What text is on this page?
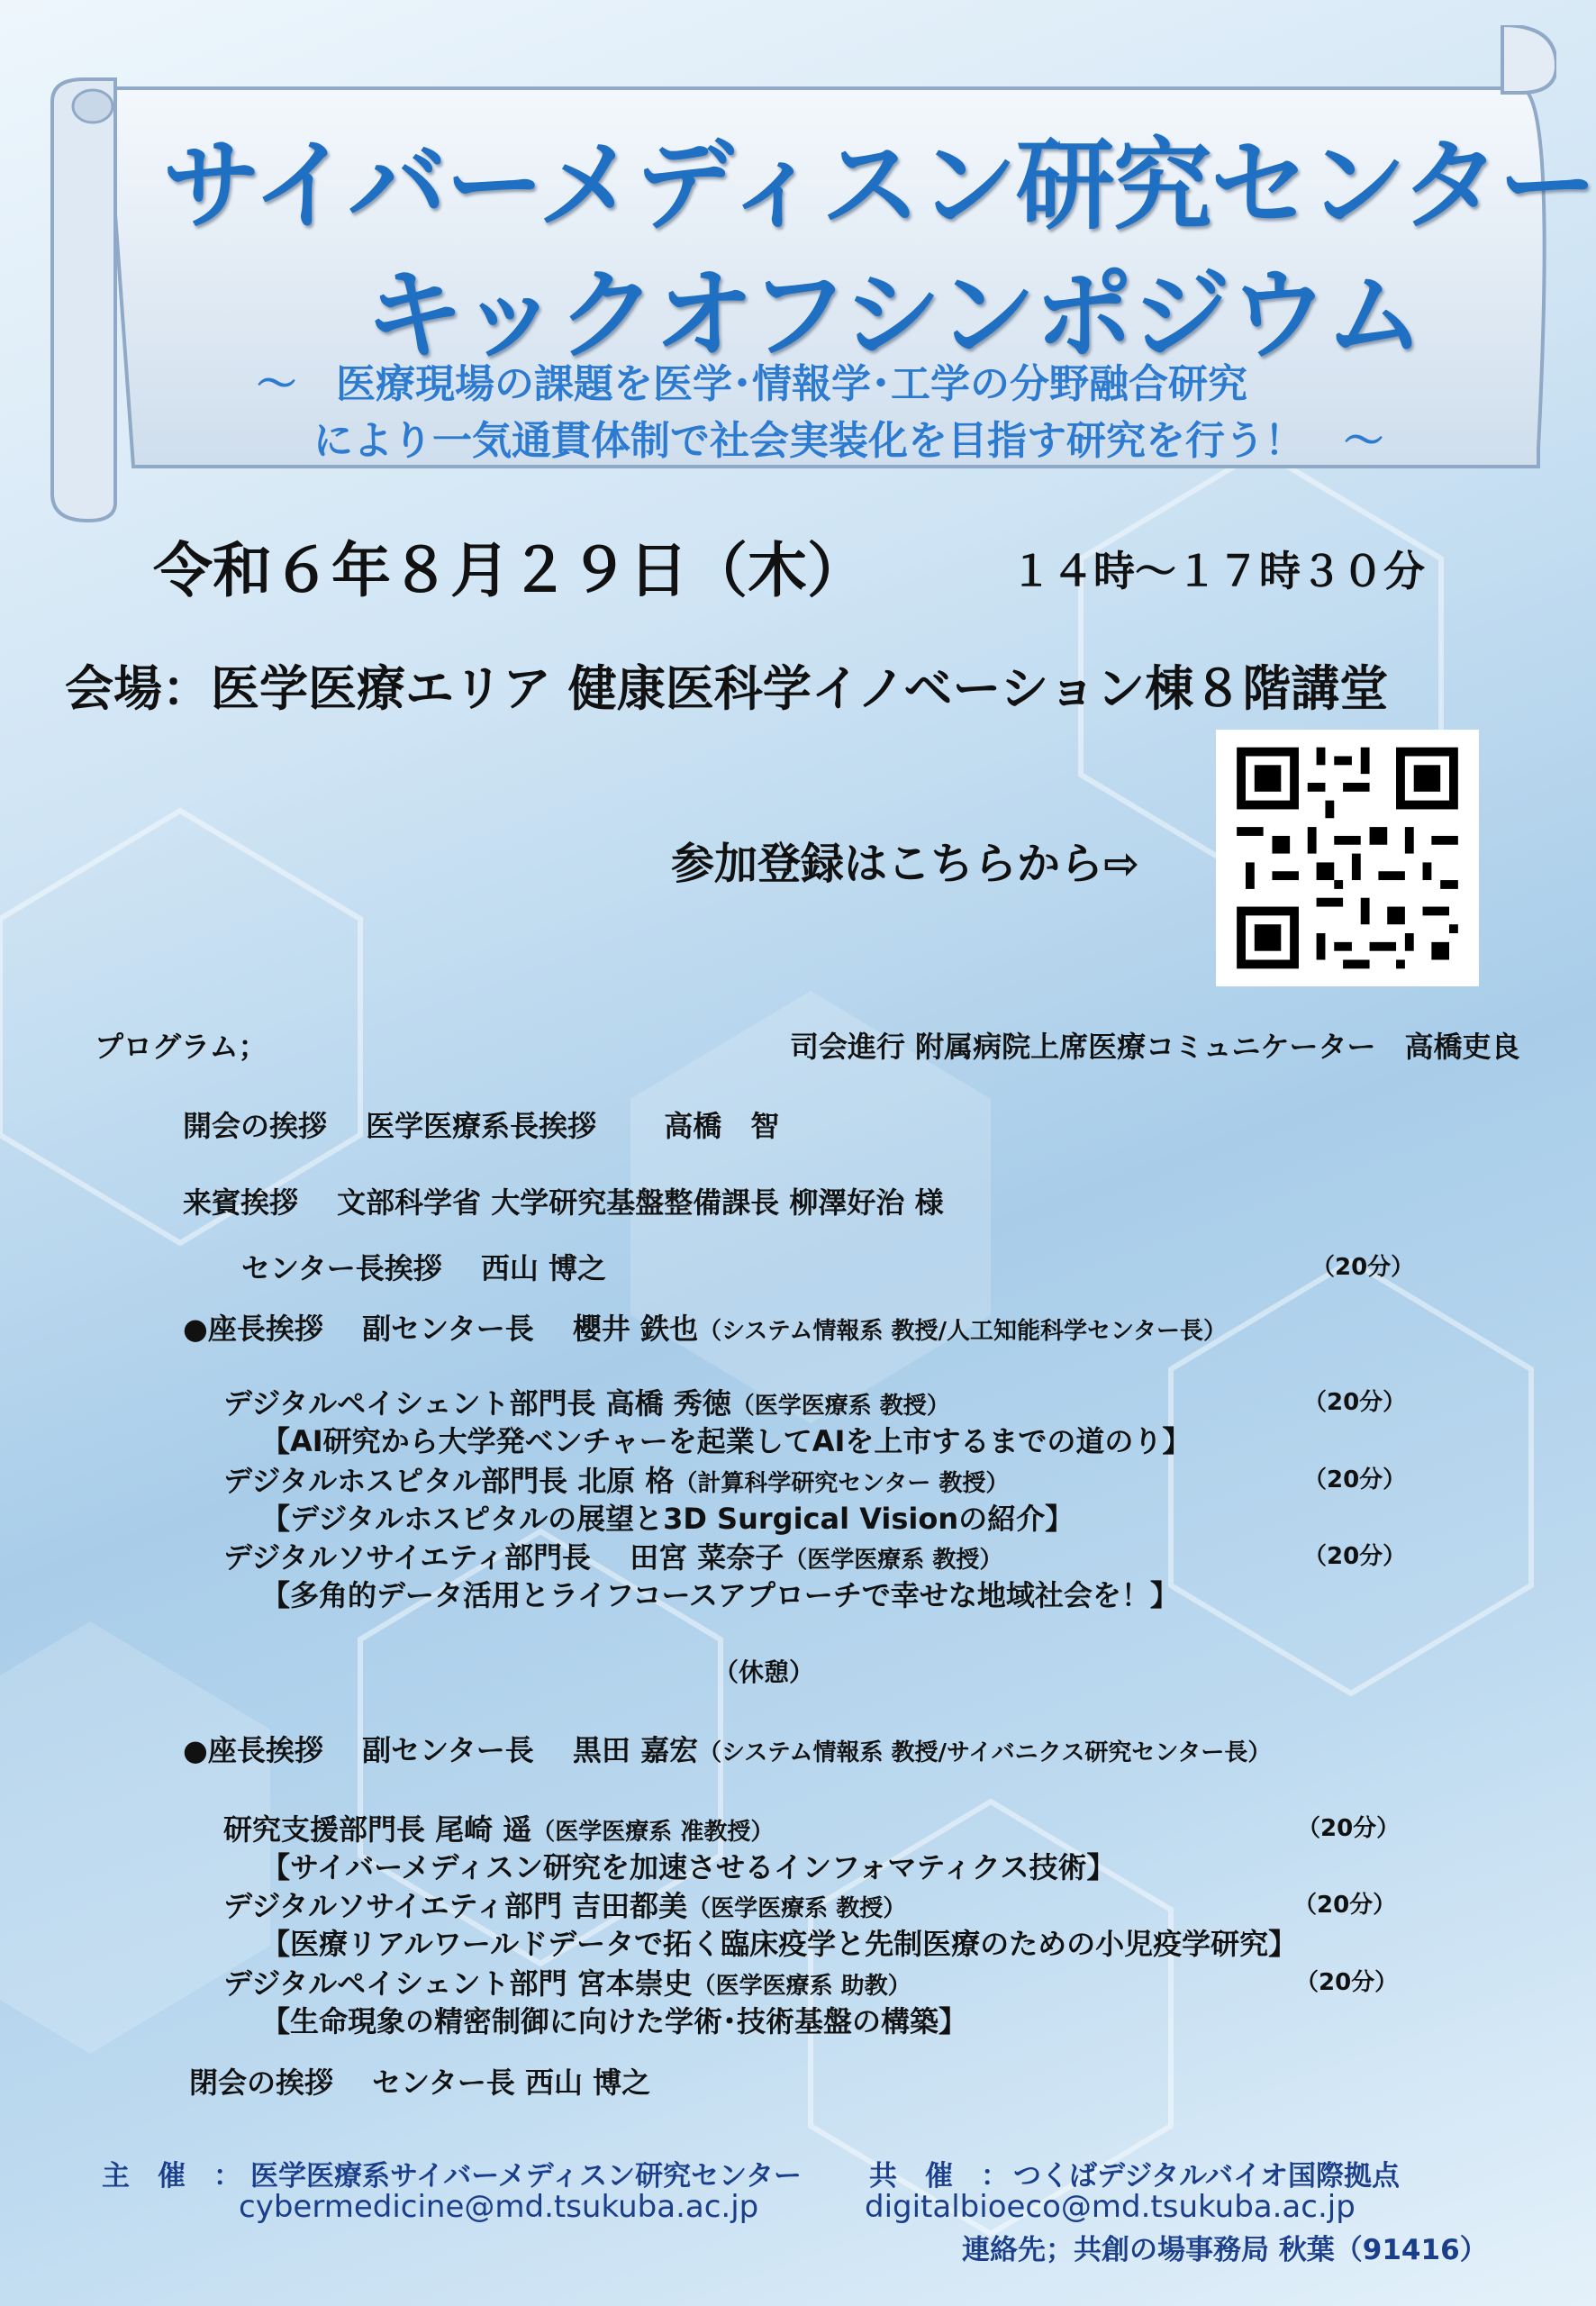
サイバーメディスン研究センター
キックオフシンポジウム
～　医療現場の課題を医学･情報学･工学の分野融合研究
により一気通貫体制で社会実装化を目指す研究を行う！　～
令和６年８月２９日（木）	１４時～１７時３０分
会場：医学医療エリア 健康医科学イノベーション棟８階講堂
参加登録はこちらから⇨
プログラム；	司会進行 附属病院上席医療コミュニケーター　高橋吏良
開会の挨拶　 医学医療系長挨拶　 　高橋　智
来賓挨拶　 文部科学省 大学研究基盤整備課長 柳澤好治 様
センター長挨拶　 西山 博之	（20分）
●座長挨拶　 副センター長　 櫻井 鉄也（システム情報系 教授/人工知能科学センター長）
デジタルペイシェント部門長 高橋 秀徳（医学医療系 教授）	（20分）
【AI研究から大学発ベンチャーを起業してAIを上市するまでの道のり】
デジタルホスピタル部門長 北原 格（計算科学研究センター 教授）	（20分）
【デジタルホスピタルの展望と3D Surgical Visionの紹介】
デジタルソサイエティ部門長　 田宮 菜奈子（医学医療系 教授）	（20分）
【多角的データ活用とライフコースアプローチで幸せな地域社会を！】
（休憩）
●座長挨拶　 副センター長　 黒田 嘉宏（システム情報系 教授/サイバニクス研究センター長）
研究支援部門長 尾崎 遥（医学医療系 准教授）	（20分）
【サイバーメディスン研究を加速させるインフォマティクス技術】
デジタルソサイエティ部門 吉田都美（医学医療系 教授）	（20分）
【医療リアルワールドデータで拓く臨床疫学と先制医療のための小児疫学研究】
デジタルペイシェント部門 宮本崇史（医学医療系 助教）	（20分）
【生命現象の精密制御に向けた学術･技術基盤の構築】
閉会の挨拶　 センター長 西山 博之
主　催　： 医学医療系サイバーメディスン研究センター
cybermedicine@md.tsukuba.ac.jp
共　催　： つくばデジタルバイオ国際拠点
digitalbioeco@md.tsukuba.ac.jp
連絡先；共創の場事務局 秋葉（91416）
